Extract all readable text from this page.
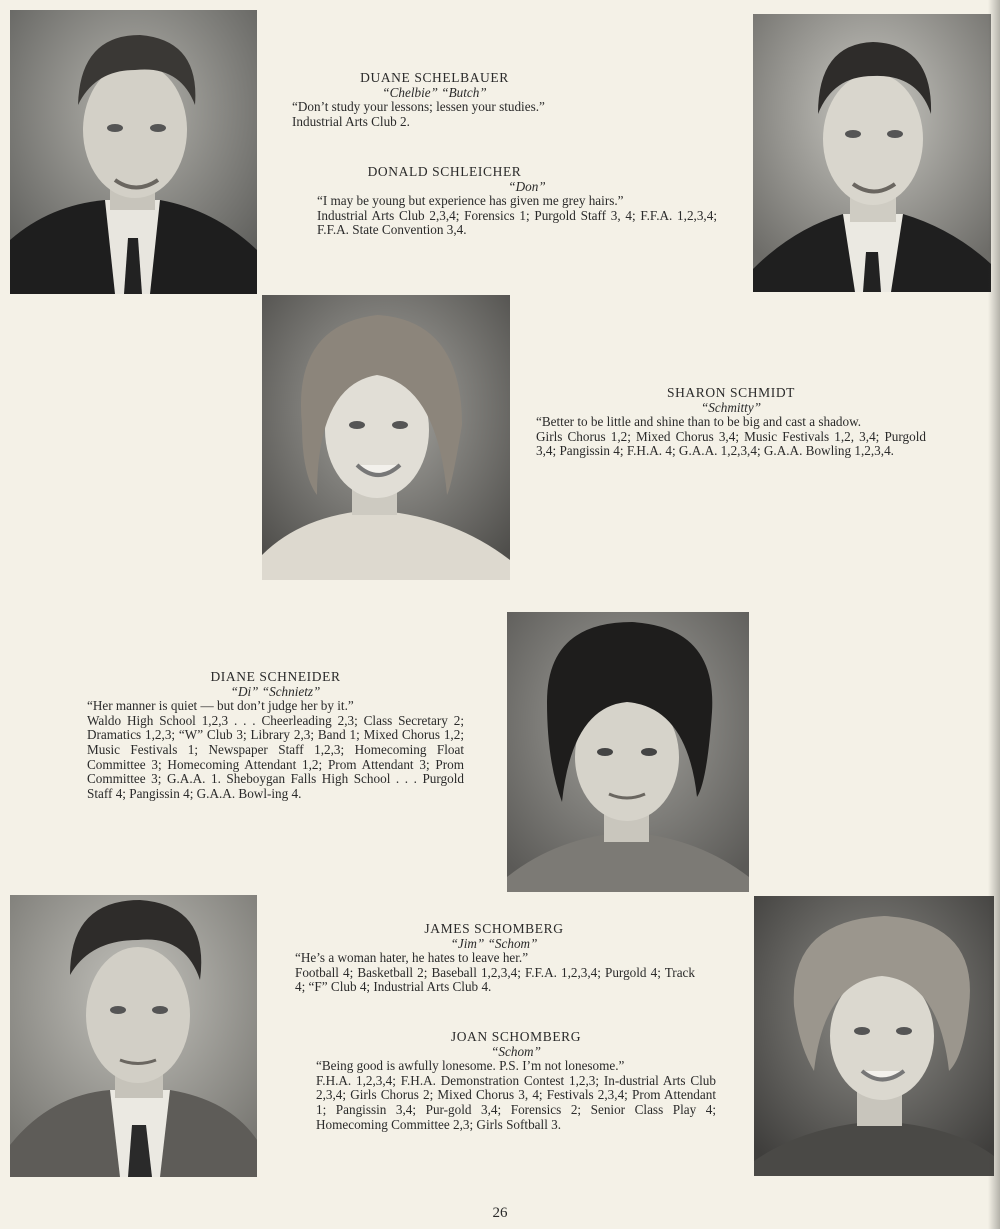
DUANE SCHELBAUER
“Chelbie” “Butch”
“Don’t study your lessons; lessen your studies.”
Industrial Arts Club 2.
DONALD SCHLEICHER
“Don”
“I may be young but experience has given me grey hairs.”
Industrial Arts Club 2,3,4; Forensics 1; Purgold Staff 3, 4; F.F.A. 1,2,3,4; F.F.A. State Convention 3,4.
SHARON SCHMIDT
“Schmitty”
“Better to be little and shine than to be big and cast a shadow.
Girls Chorus 1,2; Mixed Chorus 3,4; Music Festivals 1,2, 3,4; Purgold 3,4; Pangissin 4; F.H.A. 4; G.A.A. 1,2,3,4; G.A.A. Bowling 1,2,3,4.
DIANE SCHNEIDER
“Di” “Schnietz”
“Her manner is quiet — but don’t judge her by it.”
Waldo High School 1,2,3 . . . Cheerleading 2,3; Class Secretary 2; Dramatics 1,2,3; “W” Club 3; Library 2,3; Band 1; Mixed Chorus 1,2; Music Festivals 1; Newspaper Staff 1,2,3; Homecoming Float Committee 3; Homecoming Attendant 1,2; Prom Attendant 3; Prom Committee 3; G.A.A. 1. Sheboygan Falls High School . . . Purgold Staff 4; Pangissin 4; G.A.A. Bowl-ing 4.
JAMES SCHOMBERG
“Jim” “Schom”
“He’s a woman hater, he hates to leave her.”
Football 4; Basketball 2; Baseball 1,2,3,4; F.F.A. 1,2,3,4; Purgold 4; Track 4; “F” Club 4; Industrial Arts Club 4.
JOAN SCHOMBERG
“Schom”
“Being good is awfully lonesome. P.S. I’m not lonesome.”
F.H.A. 1,2,3,4; F.H.A. Demonstration Contest 1,2,3; In-dustrial Arts Club 2,3,4; Girls Chorus 2; Mixed Chorus 3, 4; Festivals 2,3,4; Prom Attendant 1; Pangissin 3,4; Pur-gold 3,4; Forensics 2; Senior Class Play 4; Homecoming Committee 2,3; Girls Softball 3.
26
